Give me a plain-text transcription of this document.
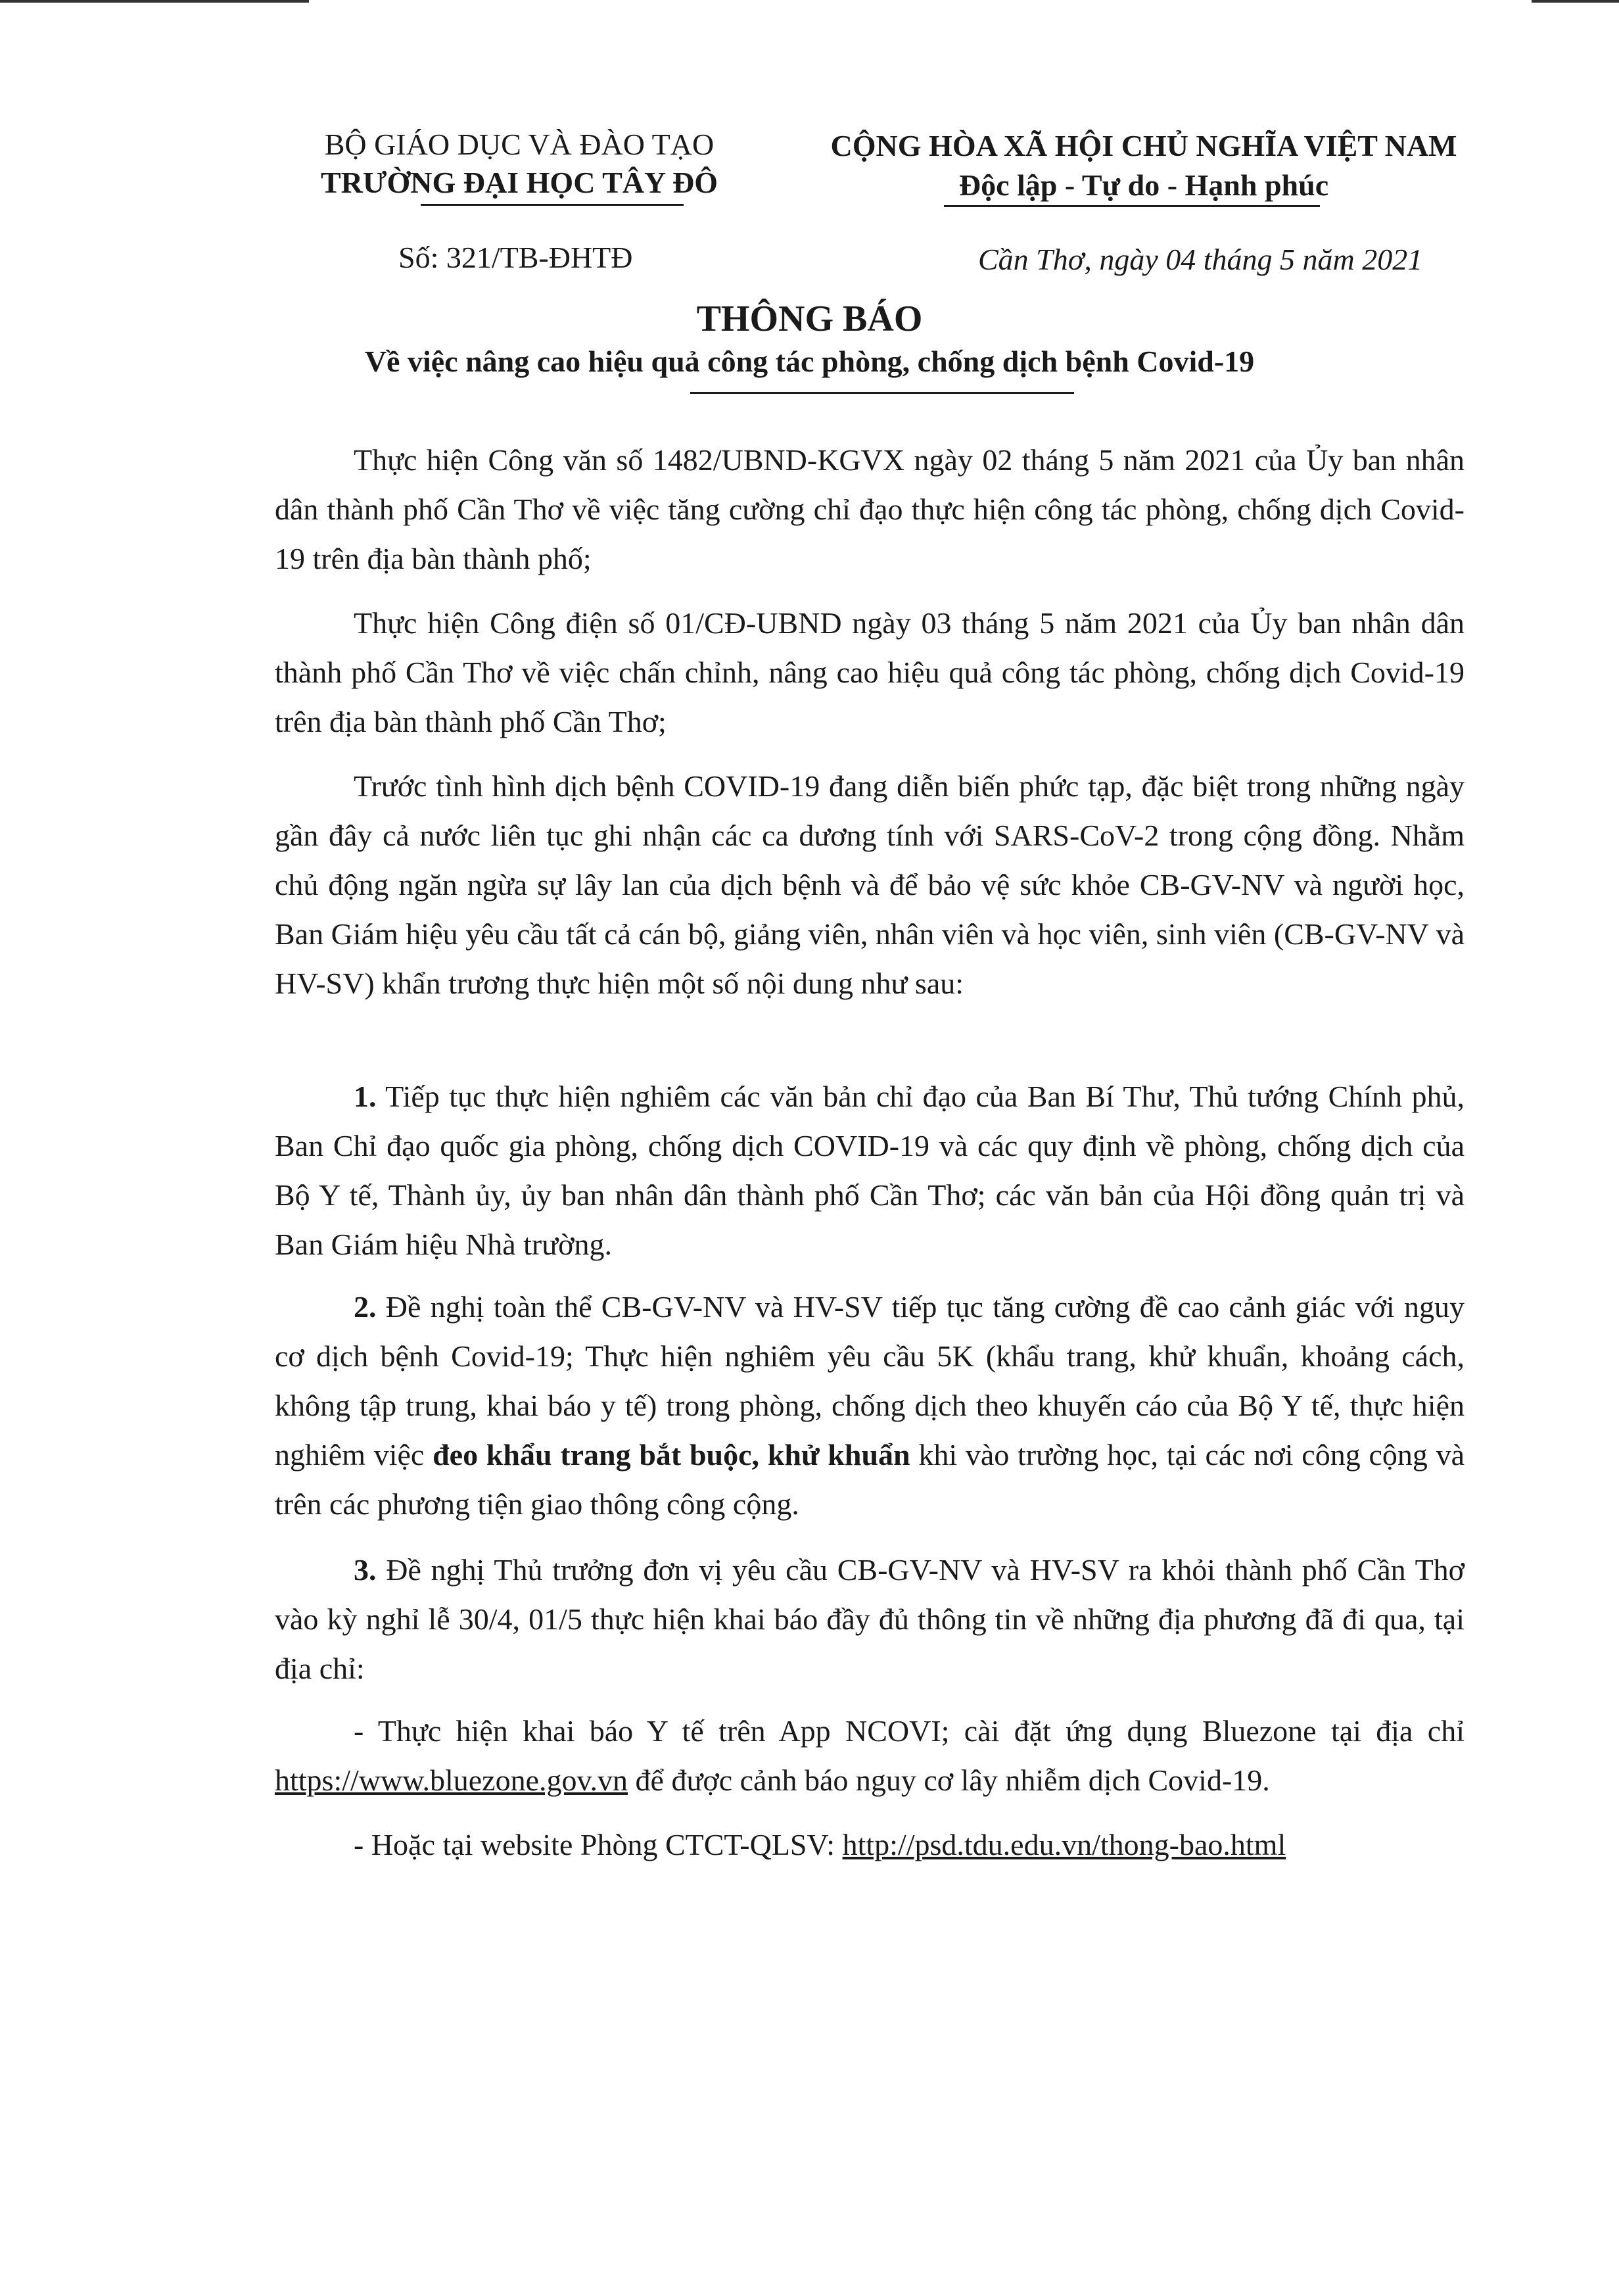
BỘ GIÁO DỤC VÀ ĐÀO TẠO
TRƯỜNG ĐẠI HỌC TÂY ĐÔ
CỘNG HÒA XÃ HỘI CHỦ NGHĨA VIỆT NAM
Độc lập - Tự do - Hạnh phúc
Số: 321/TB-ĐHTĐ	Cần Thơ, ngày 04 tháng 5 năm 2021
THÔNG BÁO
Về việc nâng cao hiệu quả công tác phòng, chống dịch bệnh Covid-19

Thực hiện Công văn số 1482/UBND-KGVX ngày 02 tháng 5 năm 2021 của Ủy ban nhân dân thành phố Cần Thơ về việc tăng cường chỉ đạo thực hiện công tác phòng, chống dịch Covid-19 trên địa bàn thành phố;

Thực hiện Công điện số 01/CĐ-UBND ngày 03 tháng 5 năm 2021 của Ủy ban nhân dân thành phố Cần Thơ về việc chấn chỉnh, nâng cao hiệu quả công tác phòng, chống dịch Covid-19 trên địa bàn thành phố Cần Thơ;

Trước tình hình dịch bệnh COVID-19 đang diễn biến phức tạp, đặc biệt trong những ngày gần đây cả nước liên tục ghi nhận các ca dương tính với SARS-CoV-2 trong cộng đồng. Nhằm chủ động ngăn ngừa sự lây lan của dịch bệnh và để bảo vệ sức khỏe CB-GV-NV và người học, Ban Giám hiệu yêu cầu tất cả cán bộ, giảng viên, nhân viên và học viên, sinh viên (CB-GV-NV và HV-SV) khẩn trương thực hiện một số nội dung như sau:

1. Tiếp tục thực hiện nghiêm các văn bản chỉ đạo của Ban Bí Thư, Thủ tướng Chính phủ, Ban Chỉ đạo quốc gia phòng, chống dịch COVID-19 và các quy định về phòng, chống dịch của Bộ Y tế, Thành ủy, ủy ban nhân dân thành phố Cần Thơ; các văn bản của Hội đồng quản trị và Ban Giám hiệu Nhà trường.

2. Đề nghị toàn thể CB-GV-NV và HV-SV tiếp tục tăng cường đề cao cảnh giác với nguy cơ dịch bệnh Covid-19; Thực hiện nghiêm yêu cầu 5K (khẩu trang, khử khuẩn, khoảng cách, không tập trung, khai báo y tế) trong phòng, chống dịch theo khuyến cáo của Bộ Y tế, thực hiện nghiêm việc đeo khẩu trang bắt buộc, khử khuẩn khi vào trường học, tại các nơi công cộng và trên các phương tiện giao thông công cộng.

3. Đề nghị Thủ trưởng đơn vị yêu cầu CB-GV-NV và HV-SV ra khỏi thành phố Cần Thơ vào kỳ nghỉ lễ 30/4, 01/5 thực hiện khai báo đầy đủ thông tin về những địa phương đã đi qua, tại địa chỉ:

- Thực hiện khai báo Y tế trên App NCOVI; cài đặt ứng dụng Bluezone tại địa chỉ https://www.bluezone.gov.vn để được cảnh báo nguy cơ lây nhiễm dịch Covid-19.

- Hoặc tại website Phòng CTCT-QLSV: http://psd.tdu.edu.vn/thong-bao.html
